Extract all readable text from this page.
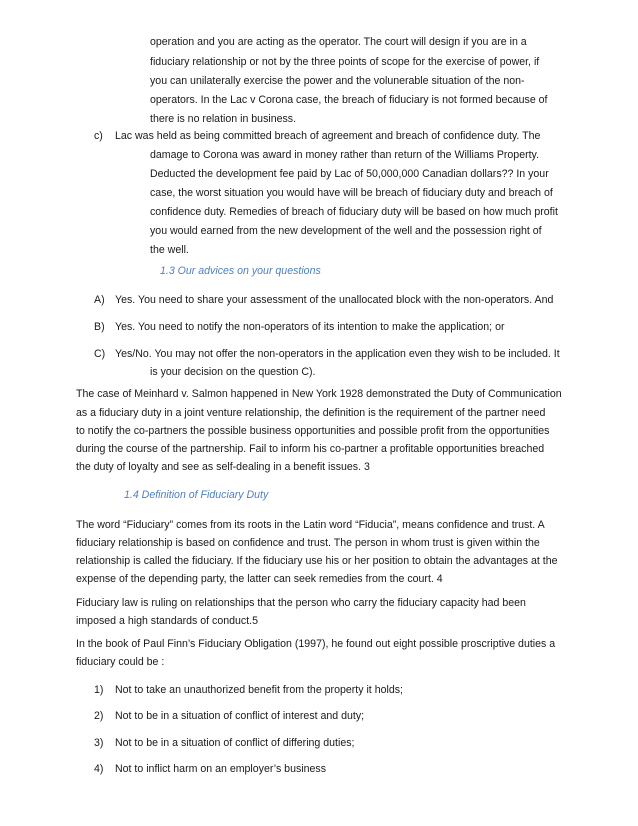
operation and you are acting as the operator. The court will design if you are in a
fiduciary relationship or not by the three points of scope for the exercise of power, if
you can unilaterally exercise the power and the volunerable situation of the non-
operators. In the Lac v Corona case, the breach of fiduciary is not formed because of
there is no relation in business.
c) Lac was held as being committed breach of agreement and breach of confidence duty. The
damage to Corona was award in money rather than return of the Williams Property.
Deducted the development fee paid by Lac of 50,000,000 Canadian dollars?? In your
case, the worst situation you would have will be breach of fiduciary duty and breach of
confidence duty. Remedies of breach of fiduciary duty will be based on how much profit
you would earned from the new development of the well and the possession right of
the well.
1.3 Our advices on your questions
A) Yes. You need to share your assessment of the unallocated block with the non-operators. And
B) Yes. You need to notify the non-operators of its intention to make the application; or
C) Yes/No. You may not offer the non-operators in the application even they wish to be included. It
is your decision on the question C).
The case of Meinhard v. Salmon happened in New York 1928 demonstrated the Duty of Communication
as a fiduciary duty in a joint venture relationship, the definition is the requirement of the partner need
to notify the co-partners the possible business opportunities and possible profit from the opportunities
during the course of the partnership. Fail to inform his co-partner a profitable opportunities breached
the duty of loyalty and see as self-dealing in a benefit issues. 3
1.4 Definition of Fiduciary Duty
The word “Fiduciary” comes from its roots in the Latin word “Fiducia”, means confidence and trust. A
fiduciary relationship is based on confidence and trust. The person in whom trust is given within the
relationship is called the fiduciary. If the fiduciary use his or her position to obtain the advantages at the
expense of the depending party, the latter can seek remedies from the court. 4
Fiduciary law is ruling on relationships that the person who carry the fiduciary capacity had been
imposed a high standards of conduct.5
In the book of Paul Finn’s Fiduciary Obligation (1997), he found out eight possible proscriptive duties a
fiduciary could be :
1) Not to take an unauthorized benefit from the property it holds;
2) Not to be in a situation of conflict of interest and duty;
3) Not to be in a situation of conflict of differing duties;
4) Not to inflict harm on an employer’s business
